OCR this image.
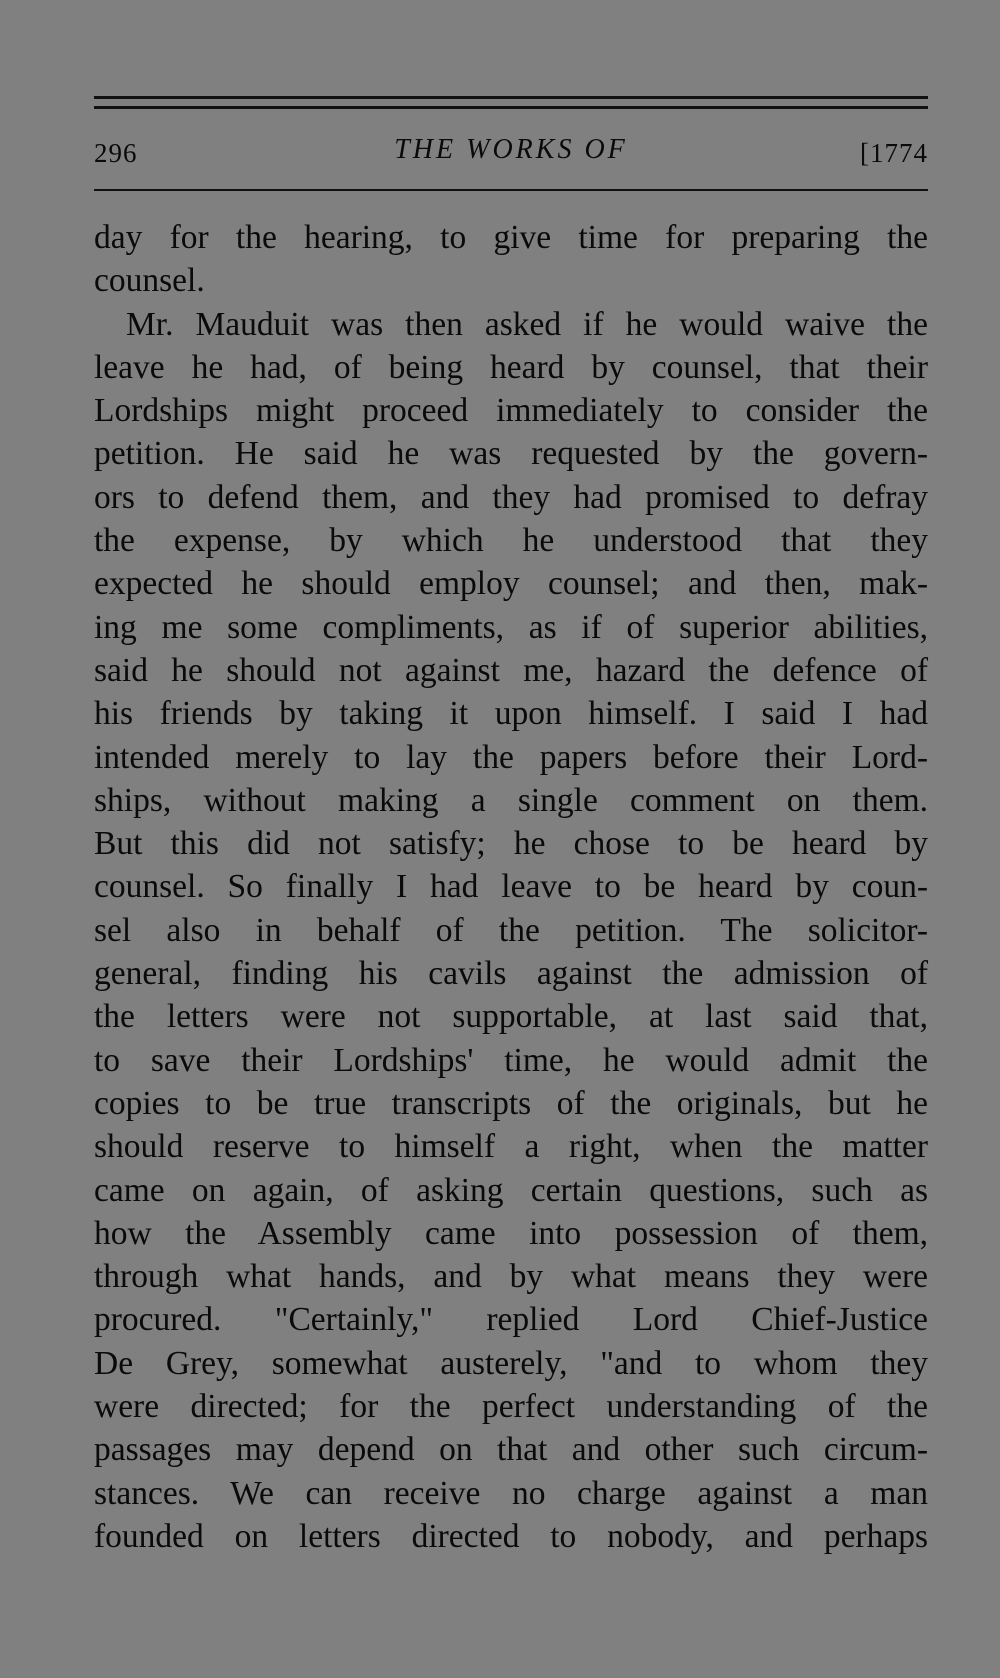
296	THE WORKS OF	[1774
day for the hearing, to give time for preparing the
counsel.
Mr. Mauduit was then asked if he would waive the
leave he had, of being heard by counsel, that their
Lordships might proceed immediately to consider the
petition. He said he was requested by the govern-
ors to defend them, and they had promised to defray
the expense, by which he understood that they
expected he should employ counsel; and then, mak-
ing me some compliments, as if of superior abilities,
said he should not against me, hazard the defence of
his friends by taking it upon himself. I said I had
intended merely to lay the papers before their Lord-
ships, without making a single comment on them.
But this did not satisfy; he chose to be heard by
counsel. So finally I had leave to be heard by coun-
sel also in behalf of the petition. The solicitor-
general, finding his cavils against the admission of
the letters were not supportable, at last said that,
to save their Lordships' time, he would admit the
copies to be true transcripts of the originals, but he
should reserve to himself a right, when the matter
came on again, of asking certain questions, such as
how the Assembly came into possession of them,
through what hands, and by what means they were
procured. "Certainly," replied Lord Chief-Justice
De Grey, somewhat austerely, "and to whom they
were directed; for the perfect understanding of the
passages may depend on that and other such circum-
stances. We can receive no charge against a man
founded on letters directed to nobody, and perhaps
